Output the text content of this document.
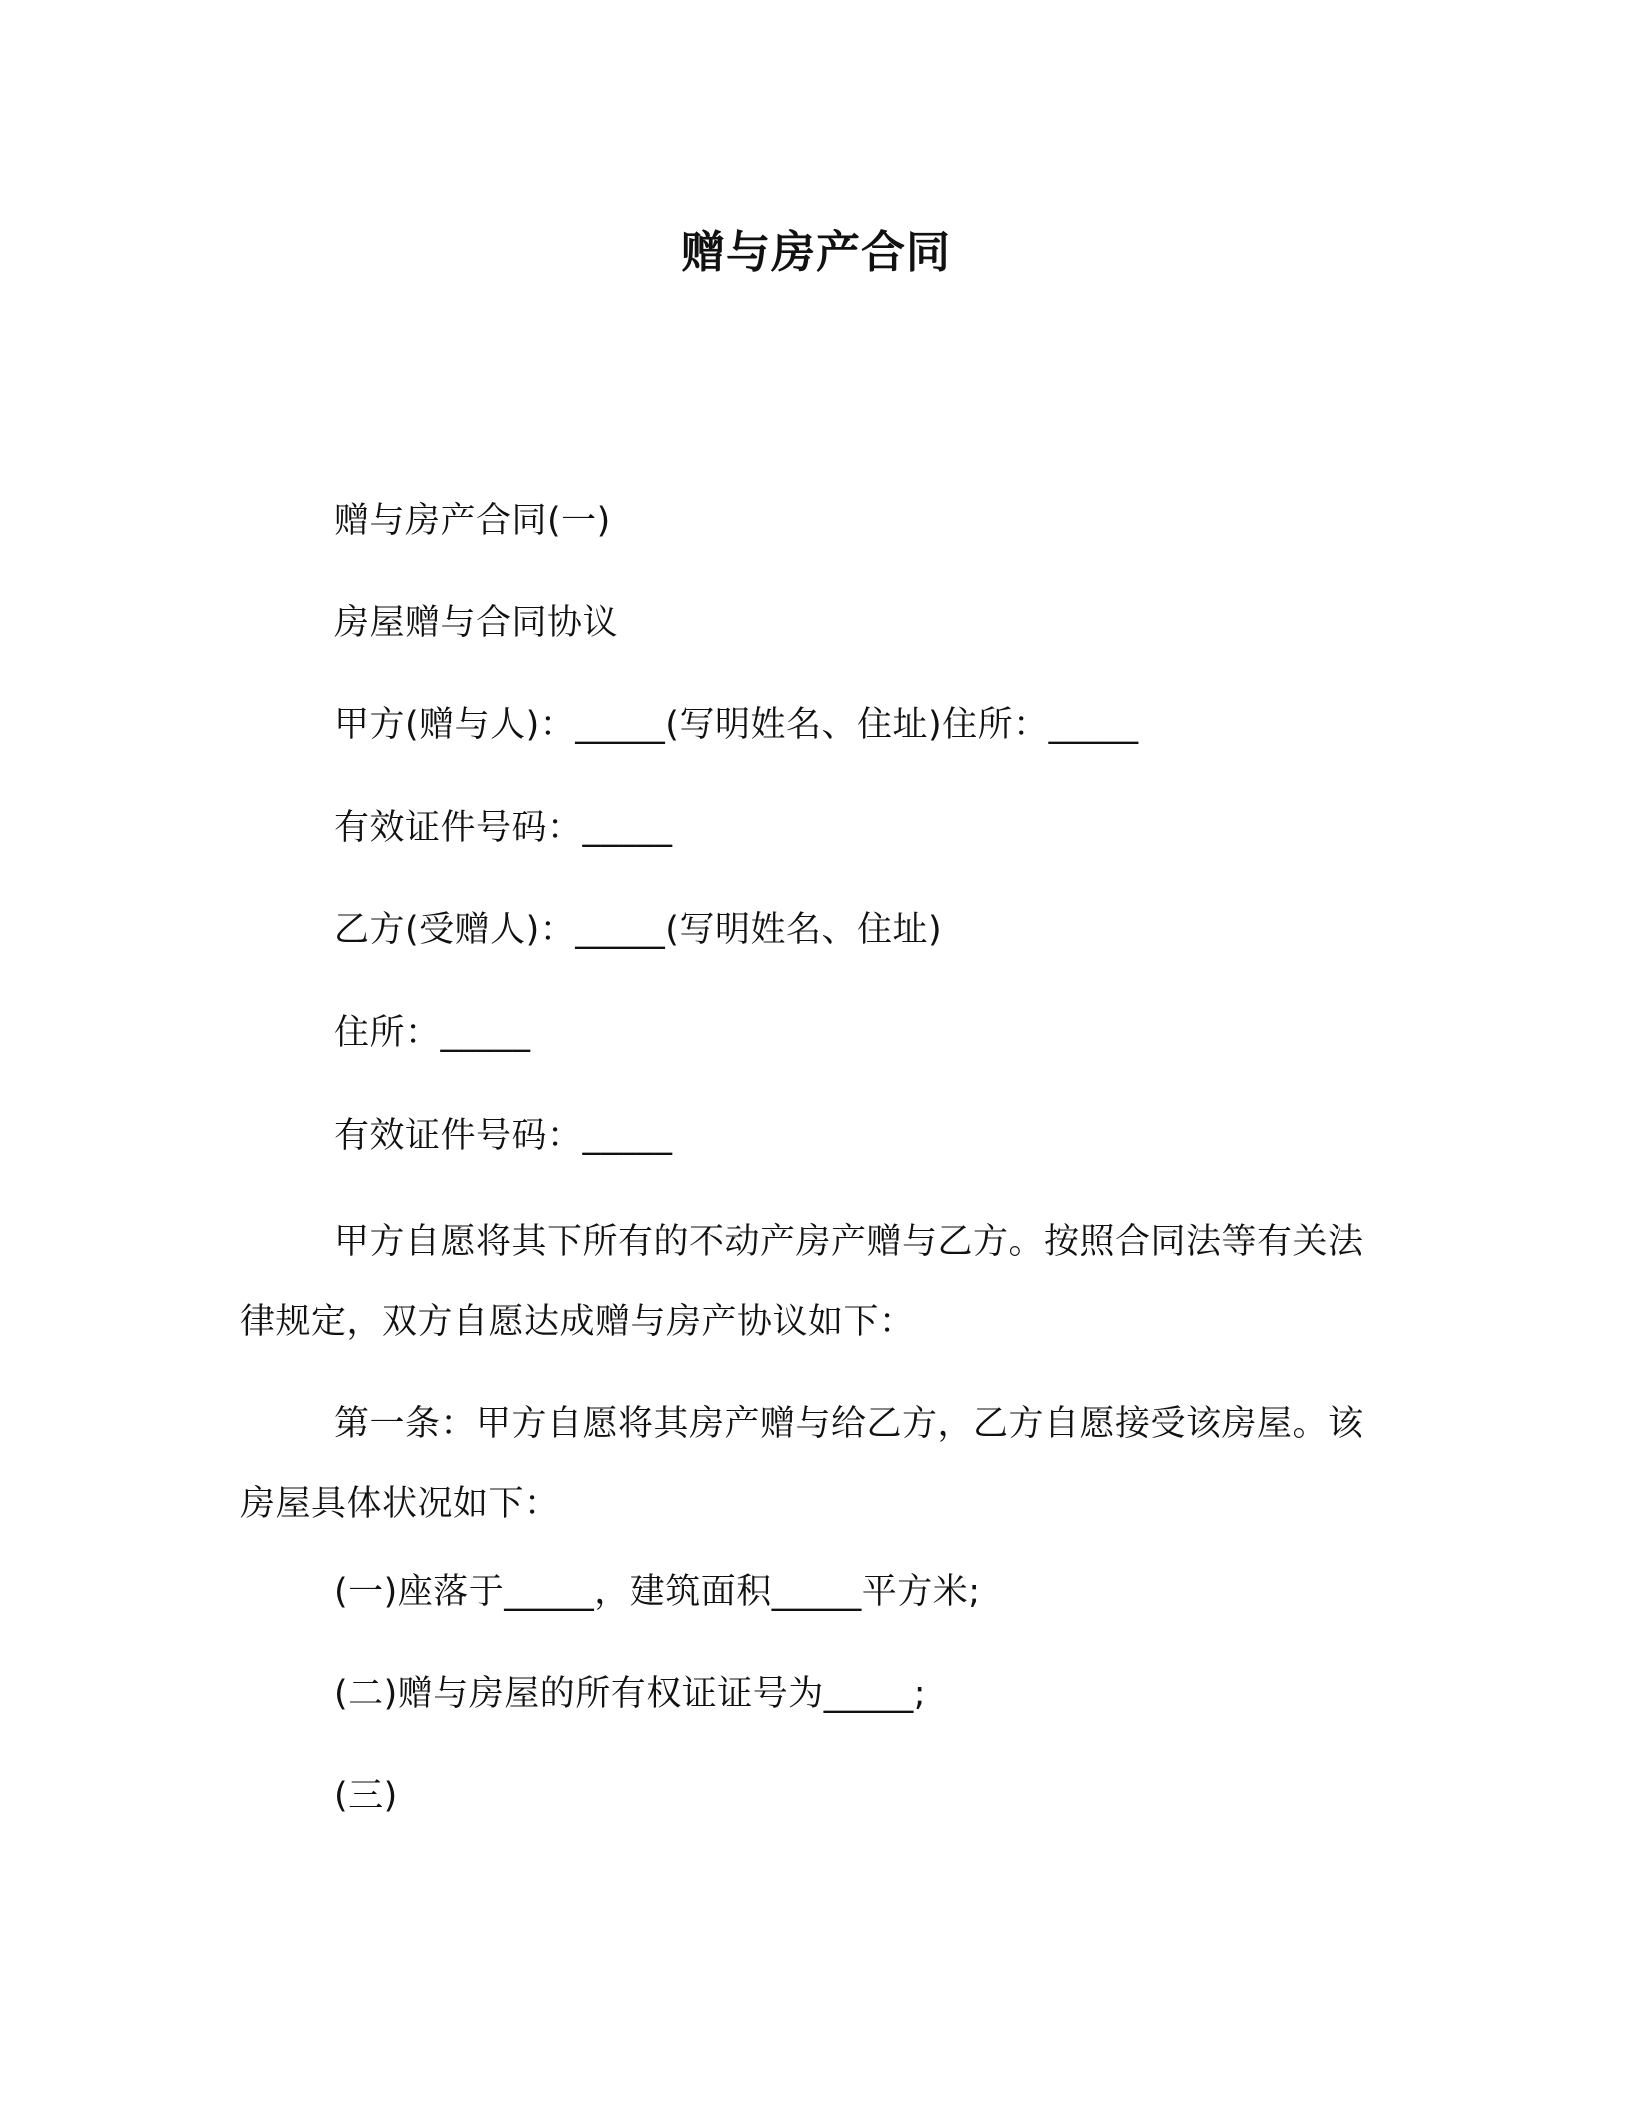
赠与房产合同
赠与房产合同(一)
房屋赠与合同协议
甲方(赠与人)：_____(写明姓名、住址)住所：_____
有效证件号码：_____
乙方(受赠人)：_____(写明姓名、住址)
住所：_____
有效证件号码：_____
甲方自愿将其下所有的不动产房产赠与乙方。按照合同法等有关法律规定，双方自愿达成赠与房产协议如下：
第一条：甲方自愿将其房产赠与给乙方，乙方自愿接受该房屋。该房屋具体状况如下：
(一)座落于_____，建筑面积_____平方米;
(二)赠与房屋的所有权证证号为_____;
(三)
